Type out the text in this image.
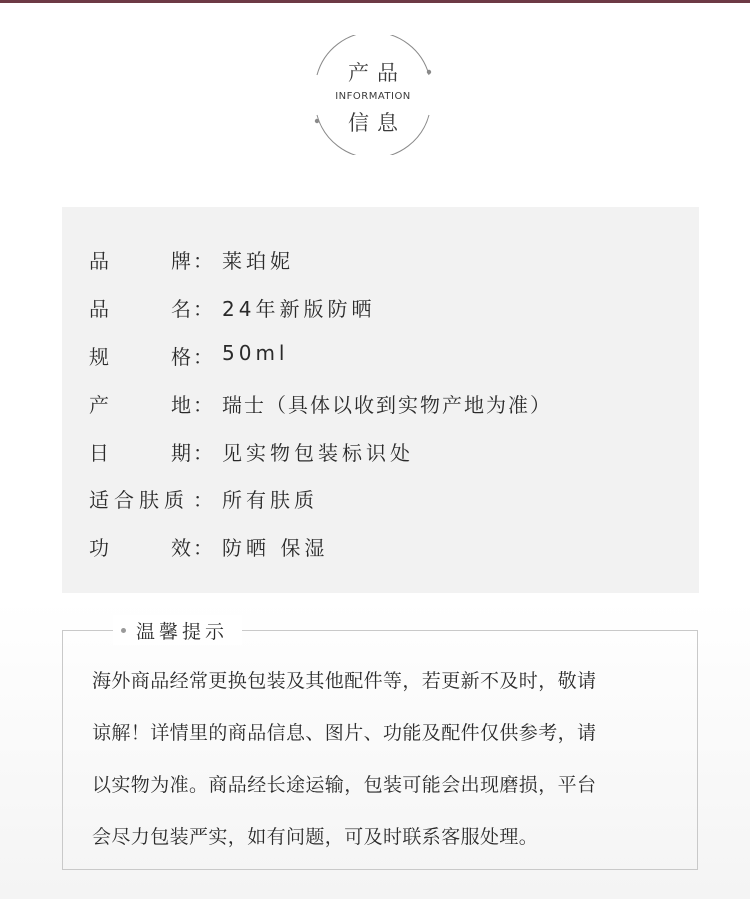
产品
INFORMATION
信息
品	牌 ： 莱珀妮
品	名 ： 24年新版防晒
规	格 ： 50ml
产	地 ： 瑞士（具体以收到实物产地为准）
日	期 ： 见实物包装标识处
适合肤质 ： 所有肤质
功	效 ： 防晒 保湿
温馨提示
海外商品经常更换包装及其他配件等，若更新不及时，敬请
谅解！详情里的商品信息、图片、功能及配件仅供参考，请
以实物为准。商品经长途运输，包装可能会出现磨损，平台
会尽力包装严实，如有问题，可及时联系客服处理。
